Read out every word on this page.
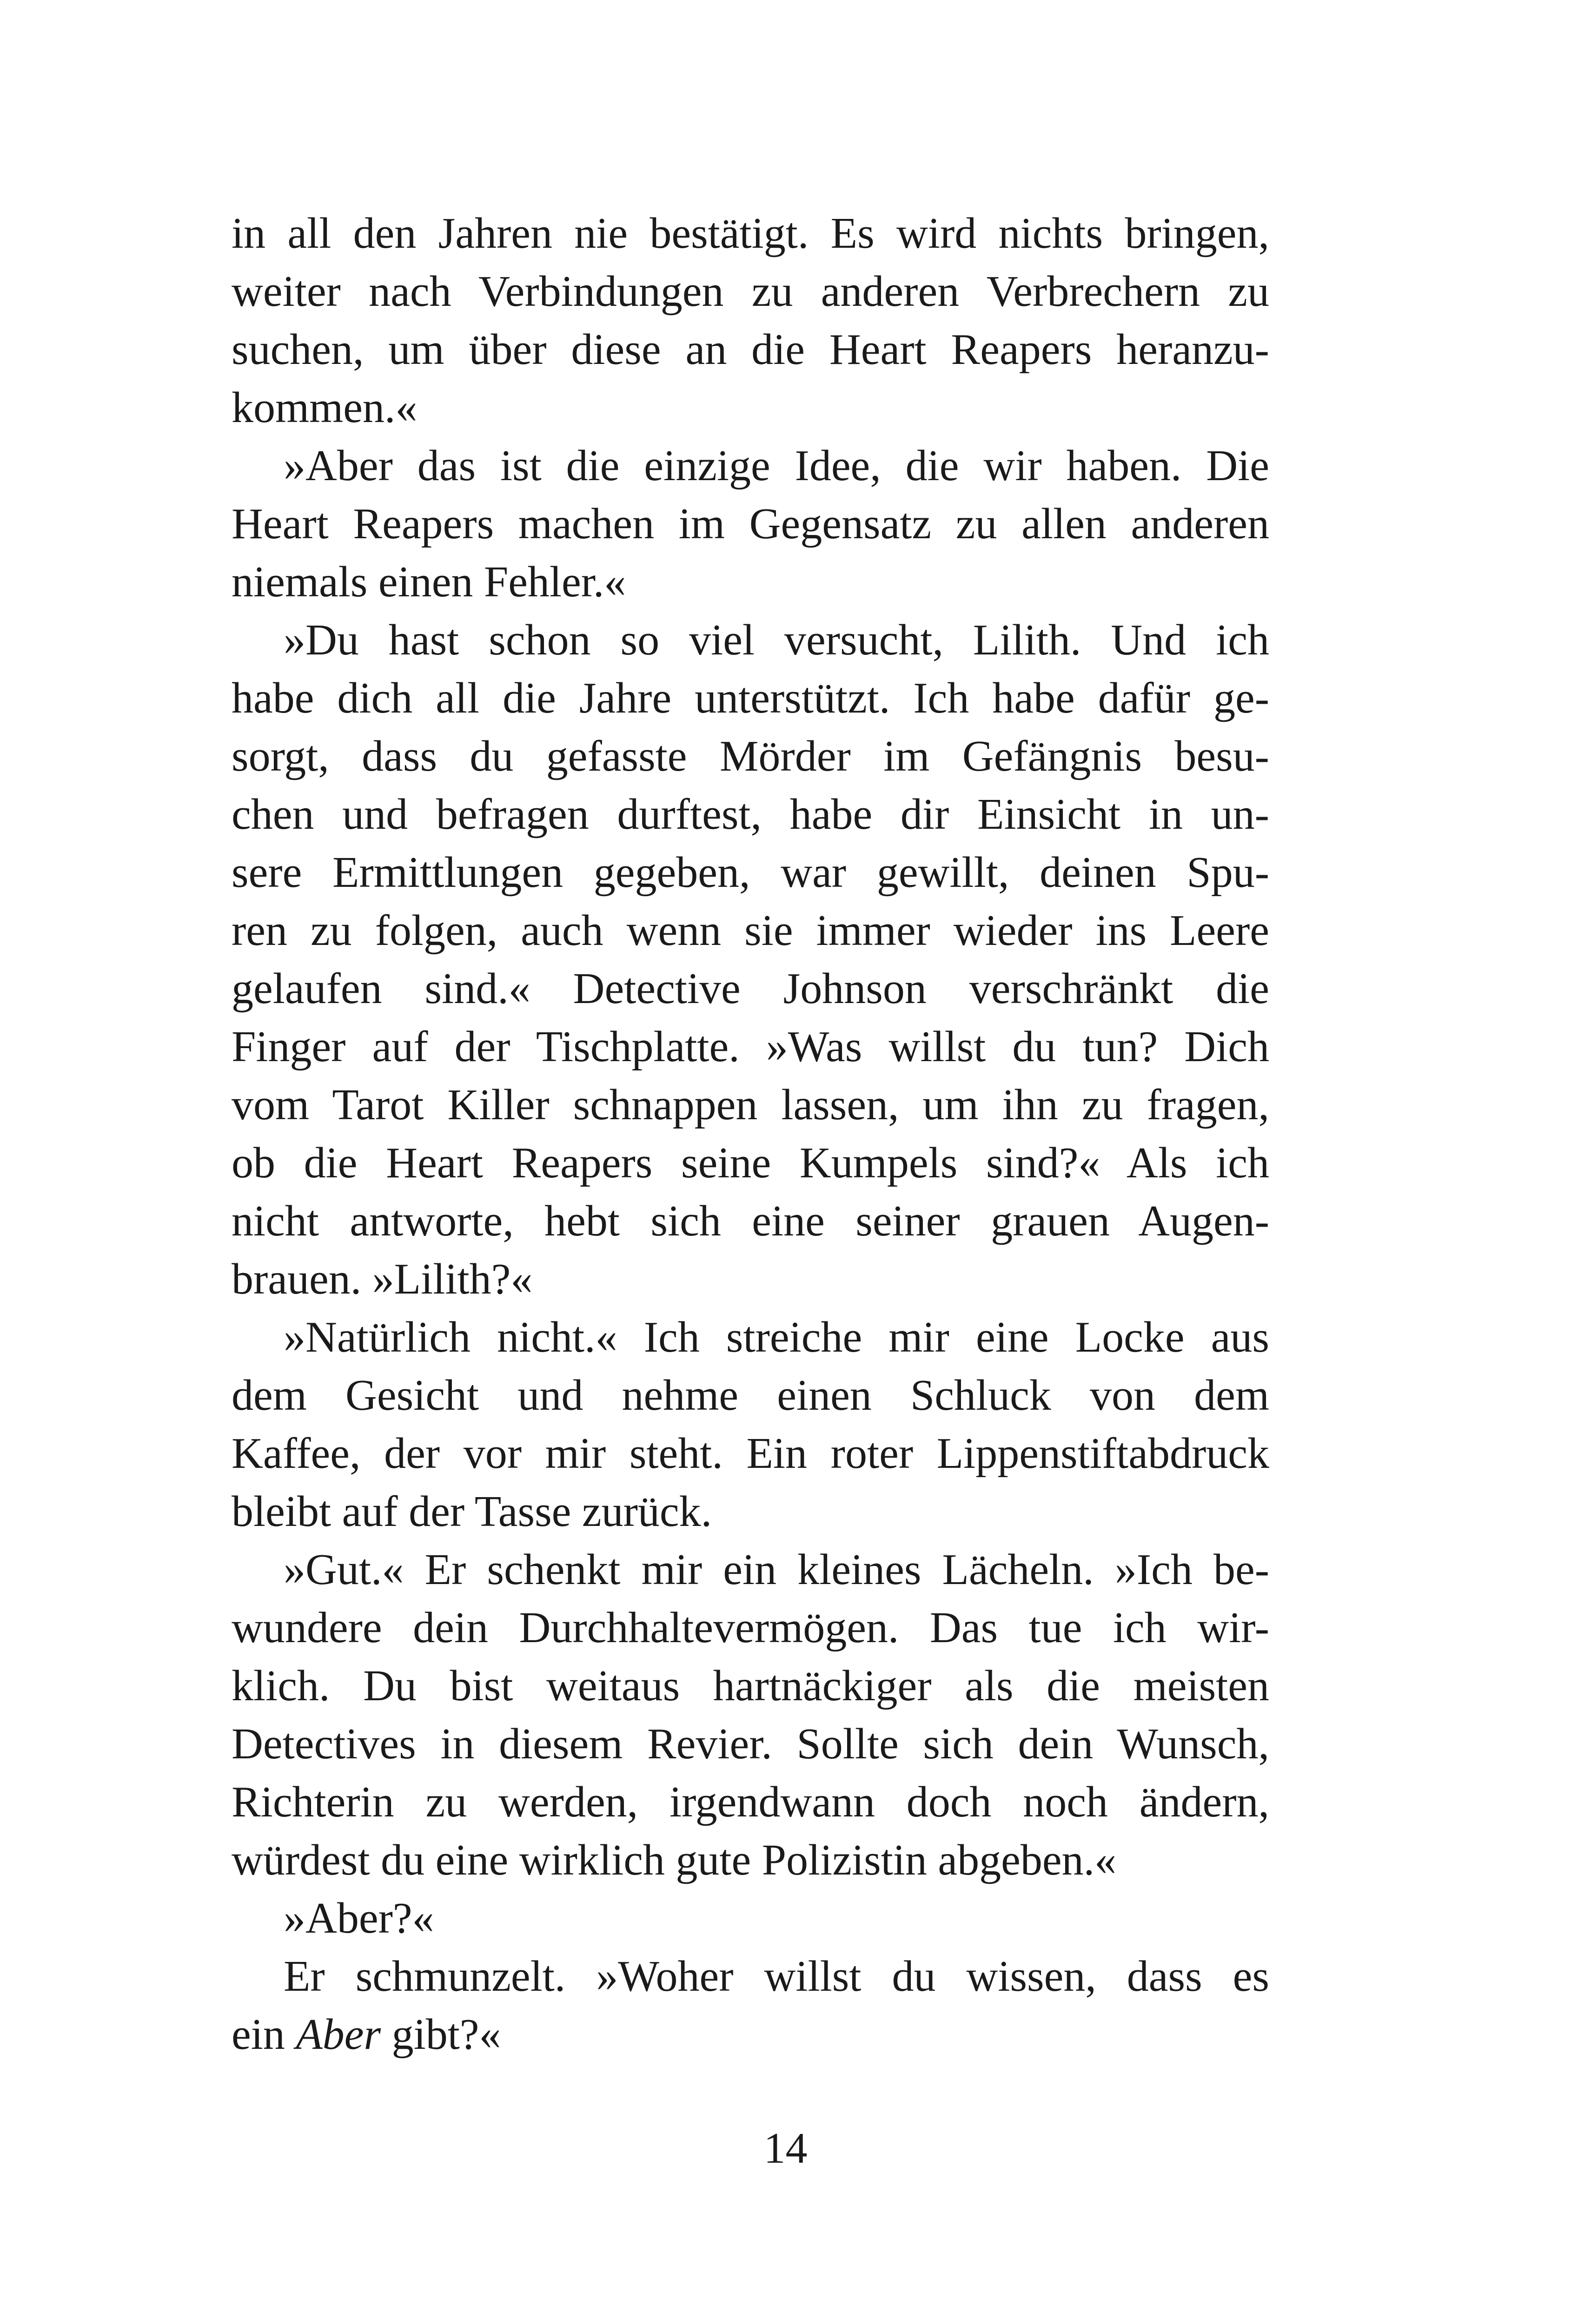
in all den Jahren nie bestätigt. Es wird nichts bringen,
weiter nach Verbindungen zu anderen Verbrechern zu
suchen, um über diese an die Heart Reapers heranzu-
kommen.«
»Aber das ist die einzige Idee, die wir haben. Die
Heart Reapers machen im Gegensatz zu allen anderen
niemals einen Fehler.«
»Du hast schon so viel versucht, Lilith. Und ich
habe dich all die Jahre unterstützt. Ich habe dafür ge-
sorgt, dass du gefasste Mörder im Gefängnis besu-
chen und befragen durftest, habe dir Einsicht in un-
sere Ermittlungen gegeben, war gewillt, deinen Spu-
ren zu folgen, auch wenn sie immer wieder ins Leere
gelaufen sind.« Detective Johnson verschränkt die
Finger auf der Tischplatte. »Was willst du tun? Dich
vom Tarot Killer schnappen lassen, um ihn zu fragen,
ob die Heart Reapers seine Kumpels sind?« Als ich
nicht antworte, hebt sich eine seiner grauen Augen-
brauen. »Lilith?«
»Natürlich nicht.« Ich streiche mir eine Locke aus
dem Gesicht und nehme einen Schluck von dem
Kaffee, der vor mir steht. Ein roter Lippenstiftabdruck
bleibt auf der Tasse zurück.
»Gut.« Er schenkt mir ein kleines Lächeln. »Ich be-
wundere dein Durchhaltevermögen. Das tue ich wir-
klich. Du bist weitaus hartnäckiger als die meisten
Detectives in diesem Revier. Sollte sich dein Wunsch,
Richterin zu werden, irgendwann doch noch ändern,
würdest du eine wirklich gute Polizistin abgeben.«
»Aber?«
Er schmunzelt. »Woher willst du wissen, dass es
ein Aber gibt?«
14
